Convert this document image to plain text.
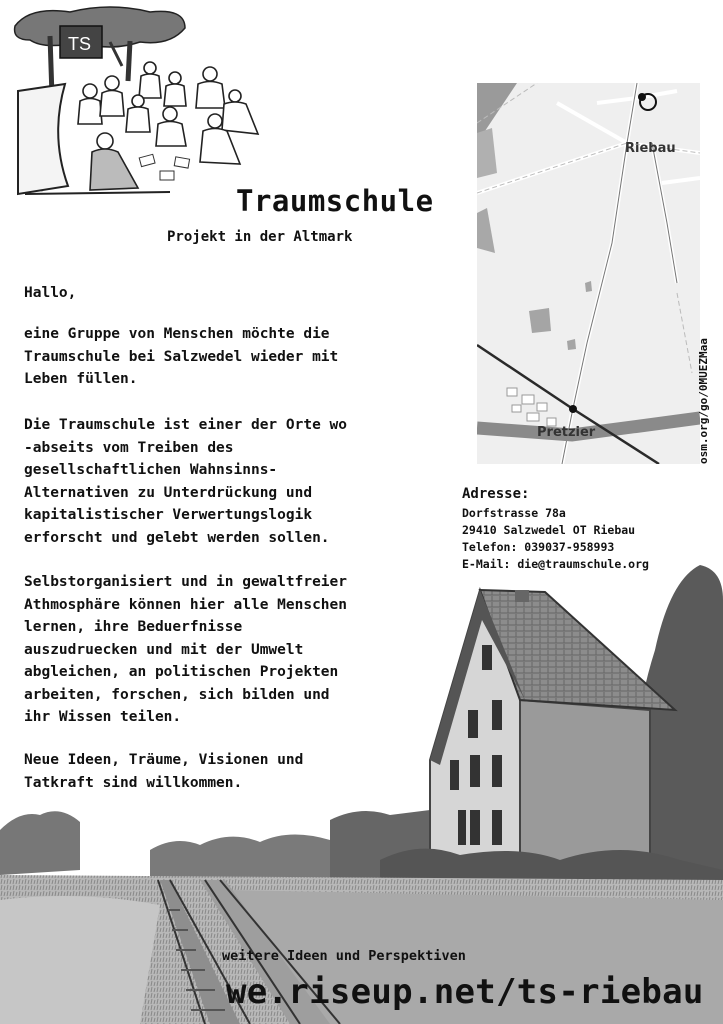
TS
Traumschule
Projekt in der Altmark
Hallo,
eine Gruppe von Menschen möchte die
Traumschule bei Salzwedel wieder mit
Leben füllen.
Die Traumschule ist einer der Orte wo
-abseits vom Treiben des
gesellschaftlichen Wahnsinns-
Alternativen zu Unterdrückung und
kapitalistischer Verwertungslogik
erforscht und gelebt werden sollen.
Selbstorganisiert und in gewaltfreier
Athmosphäre können hier alle Menschen
lernen, ihre Beduerfnisse
auszudruecken und mit der Umwelt
abgleichen, an politischen Projekten
arbeiten, forschen, sich bilden und
ihr Wissen teilen.
Neue Ideen, Träume, Visionen und
Tatkraft sind willkommen.
Riebau
Pretzier	osm.org/go/0MUEZMaa
Adresse:
Dorfstrasse 78a
29410 Salzwedel OT Riebau
Telefon: 039037-958993
E-Mail: die@traumschule.org
weitere Ideen und Perspektiven
we.riseup.net/ts-riebau
